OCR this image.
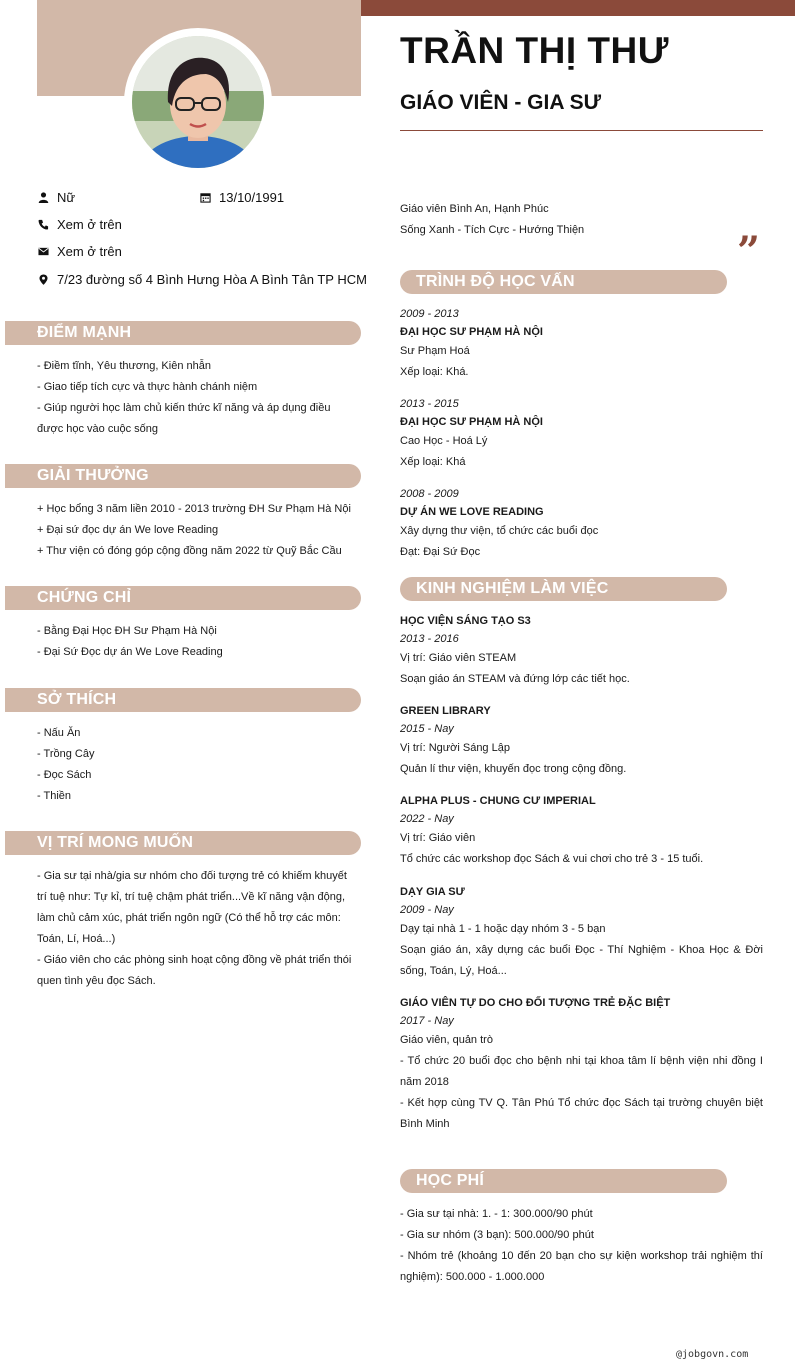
TRẦN THỊ THƯ
GIÁO VIÊN - GIA SƯ
Nữ	13/10/1991
Xem ở trên
Xem ở trên
7/23 đường số 4 Bình Hưng Hòa A Bình Tân TP HCM

Giáo viên Bình An, Hạnh Phúc

Sống Xanh - Tích Cực - Hướng Thiện	”
ĐIỂM MẠNH

- Điềm tĩnh, Yêu thương, Kiên nhẫn

- Giao tiếp tích cực và thực hành chánh niệm

- Giúp người học làm chủ kiến thức kĩ năng và áp dụng điều được học vào cuộc sống

GIẢI THƯỞNG

+ Học bổng 3 năm liền 2010 - 2013 trường ĐH Sư Phạm Hà Nội

+ Đại sứ đọc dự án We love Reading

+ Thư viện có đóng góp cộng đồng năm 2022 từ Quỹ Bắc Cầu

CHỨNG CHỈ

- Bằng Đại Học ĐH Sư Phạm Hà Nội

- Đại Sứ Đọc dự án We Love Reading

SỞ THÍCH

- Nấu Ăn

- Trồng Cây

- Đọc Sách

- Thiền

VỊ TRÍ MONG MUỐN

- Gia sư tại nhà/gia sư nhóm cho đối tượng trẻ có khiếm khuyết trí tuệ như: Tự kỉ, trí tuệ chậm phát triển...Về kĩ năng vận động, làm chủ cảm xúc, phát triển ngôn ngữ (Có thể hỗ trợ các môn: Toán, Lí, Hoá...)

- Giáo viên cho các phòng sinh hoạt cộng đồng về phát triển thói quen tình yêu đọc Sách.

TRÌNH ĐỘ HỌC VẤN
2009 - 2013
ĐẠI HỌC SƯ PHẠM HÀ NỘI

Sư Phạm Hoá

Xếp loại: Khá.

2013 - 2015
ĐẠI HỌC SƯ PHẠM HÀ NỘI

Cao Học - Hoá Lý

Xếp loại: Khá

2008 - 2009
DỰ ÁN WE LOVE READING

Xây dựng thư viện, tổ chức các buổi đọc

Đạt: Đại Sứ Đọc

KINH NGHIỆM LÀM VIỆC
HỌC VIỆN SÁNG TẠO S3
2013 - 2016

Vị trí: Giáo viên STEAM

Soạn giáo án STEAM và đứng lớp các tiết học.

GREEN LIBRARY
2015 - Nay

Vị trí: Người Sáng Lập

Quản lí thư viện, khuyến đọc trong cộng đồng.

ALPHA PLUS - CHUNG CƯ IMPERIAL
2022 - Nay

Vị trí: Giáo viên

Tổ chức các workshop đọc Sách & vui chơi cho trẻ 3 - 15 tuổi.

DẠY GIA SƯ
2009 - Nay

Dạy tại nhà 1 - 1 hoặc dạy nhóm 3 - 5 bạn

Soạn giáo án, xây dựng các buổi Đọc - Thí Nghiệm - Khoa Học & Đời sống, Toán, Lý, Hoá...

GIÁO VIÊN TỰ DO CHO ĐỐI TƯỢNG TRẺ ĐẶC BIỆT
2017 - Nay

Giáo viên, quản trò

- Tổ chức 20 buổi đọc cho bệnh nhi tại khoa tâm lí bệnh viện nhi đồng I năm 2018

- Kết hợp cùng TV Q. Tân Phú Tổ chức đọc Sách tại trường chuyên biệt Bình Minh

HỌC PHÍ

- Gia sư tại nhà: 1. - 1: 300.000/90 phút

- Gia sư nhóm (3 bạn): 500.000/90 phút

- Nhóm trẻ (khoảng 10 đến 20 bạn cho sự kiện workshop trải nghiệm thí nghiệm): 500.000 - 1.000.000

@jobgovn.com
